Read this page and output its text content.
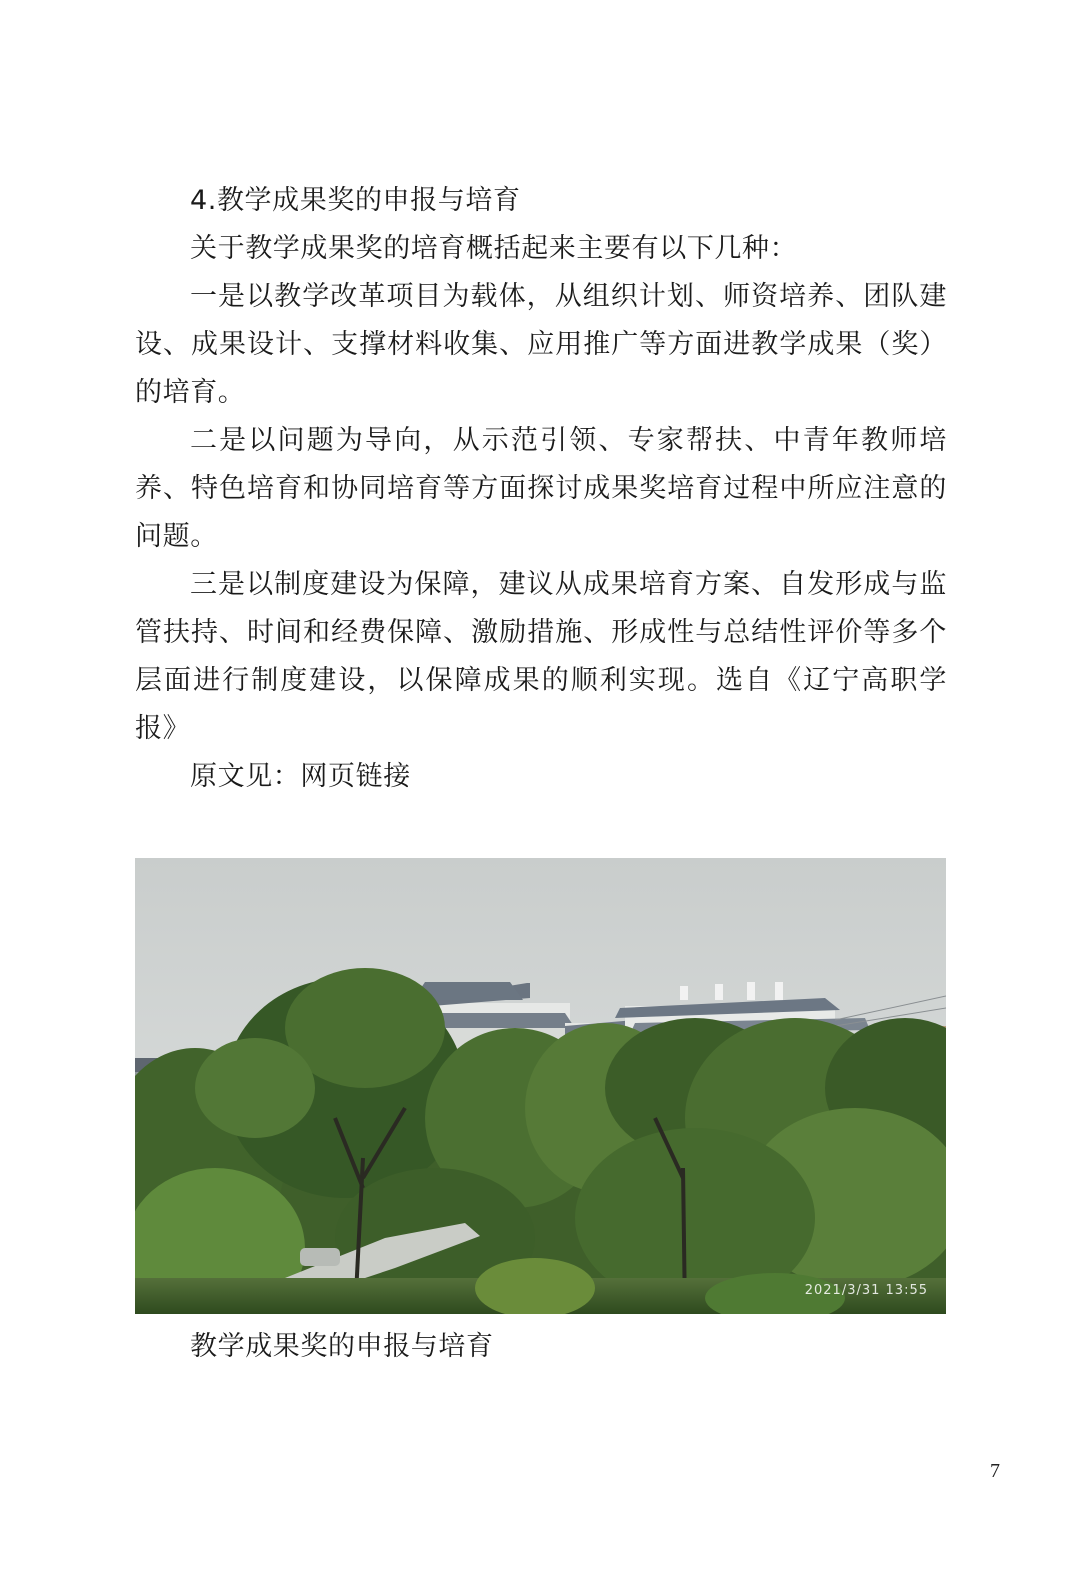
4.教学成果奖的申报与培育

关于教学成果奖的培育概括起来主要有以下几种：

一是以教学改革项目为载体，从组织计划、师资培养、团队建设、成果设计、支撑材料收集、应用推广等方面进教学成果（奖）的培育。

二是以问题为导向，从示范引领、专家帮扶、中青年教师培养、特色培育和协同培育等方面探讨成果奖培育过程中所应注意的问题。

三是以制度建设为保障，建议从成果培育方案、自发形成与监管扶持、时间和经费保障、激励措施、形成性与总结性评价等多个层面进行制度建设，以保障成果的顺利实现。选自《辽宁高职学报》

原文见：网页链接

2021/3/31 13:55
教学成果奖的申报与培育
7
